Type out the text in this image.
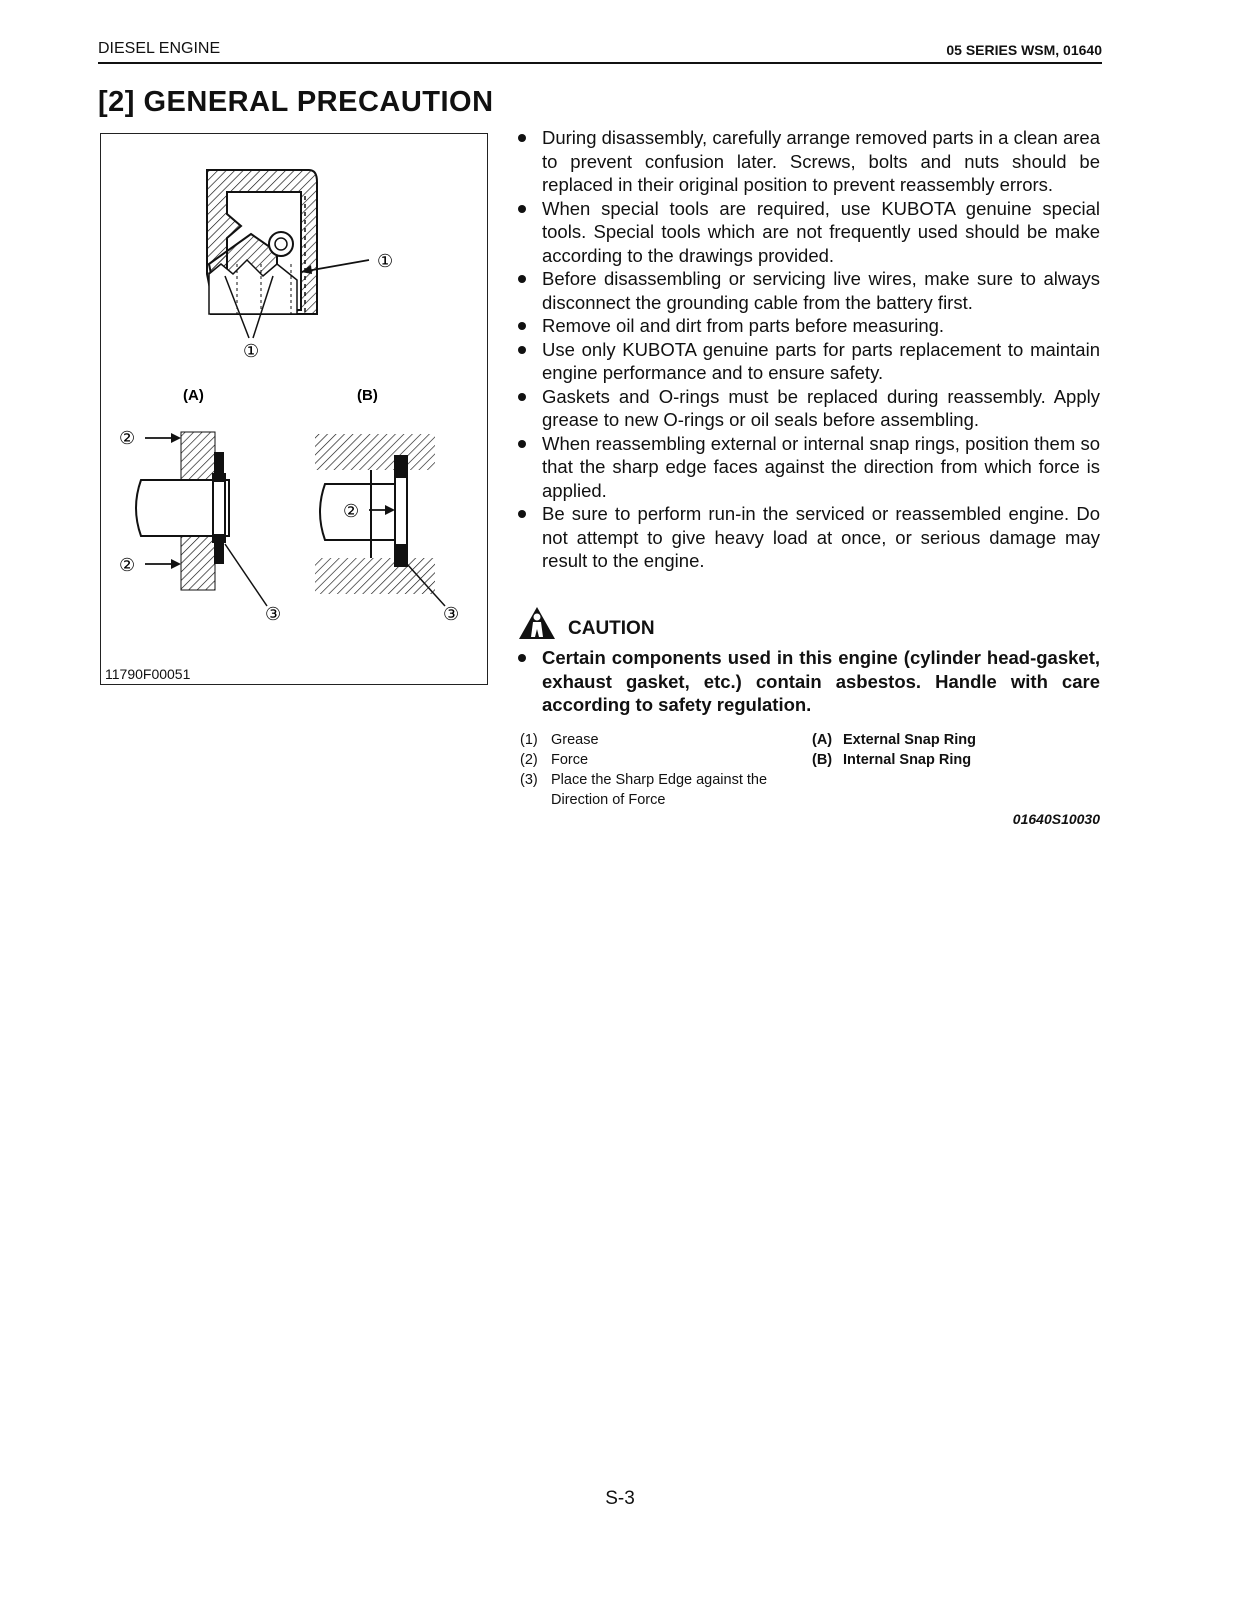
DIESEL ENGINE	05 SERIES WSM, 01640
[2] GENERAL PRECAUTION
①
①
(A)	(B)
②
②
③
②
③
11790F00051
During disassembly, carefully arrange removed parts in a clean area to prevent confusion later. Screws, bolts and nuts should be replaced in their original position to prevent reassembly errors.
When special tools are required, use KUBOTA genuine special tools. Special tools which are not frequently used should be make according to the drawings provided.
Before disassembling or servicing live wires, make sure to always disconnect the grounding cable from the battery first.
Remove oil and dirt from parts before measuring.
Use only KUBOTA genuine parts for parts replacement to maintain engine performance and to ensure safety.
Gaskets and O-rings must be replaced during reassembly. Apply grease to new O-rings or oil seals before assembling.
When reassembling external or internal snap rings, position them so that the sharp edge faces against the direction from which force is applied.
Be sure to perform run-in the serviced or reassembled engine. Do not attempt to give heavy load at once, or serious damage may result to the engine.
CAUTION
Certain components used in this engine (cylinder head-gasket, exhaust gasket, etc.) contain asbestos. Handle with care according to safety regulation.
(1) Grease
(2) Force
(3) Place the Sharp Edge against the Direction of Force
(A) External Snap Ring
(B) Internal Snap Ring
01640S10030
S-3
